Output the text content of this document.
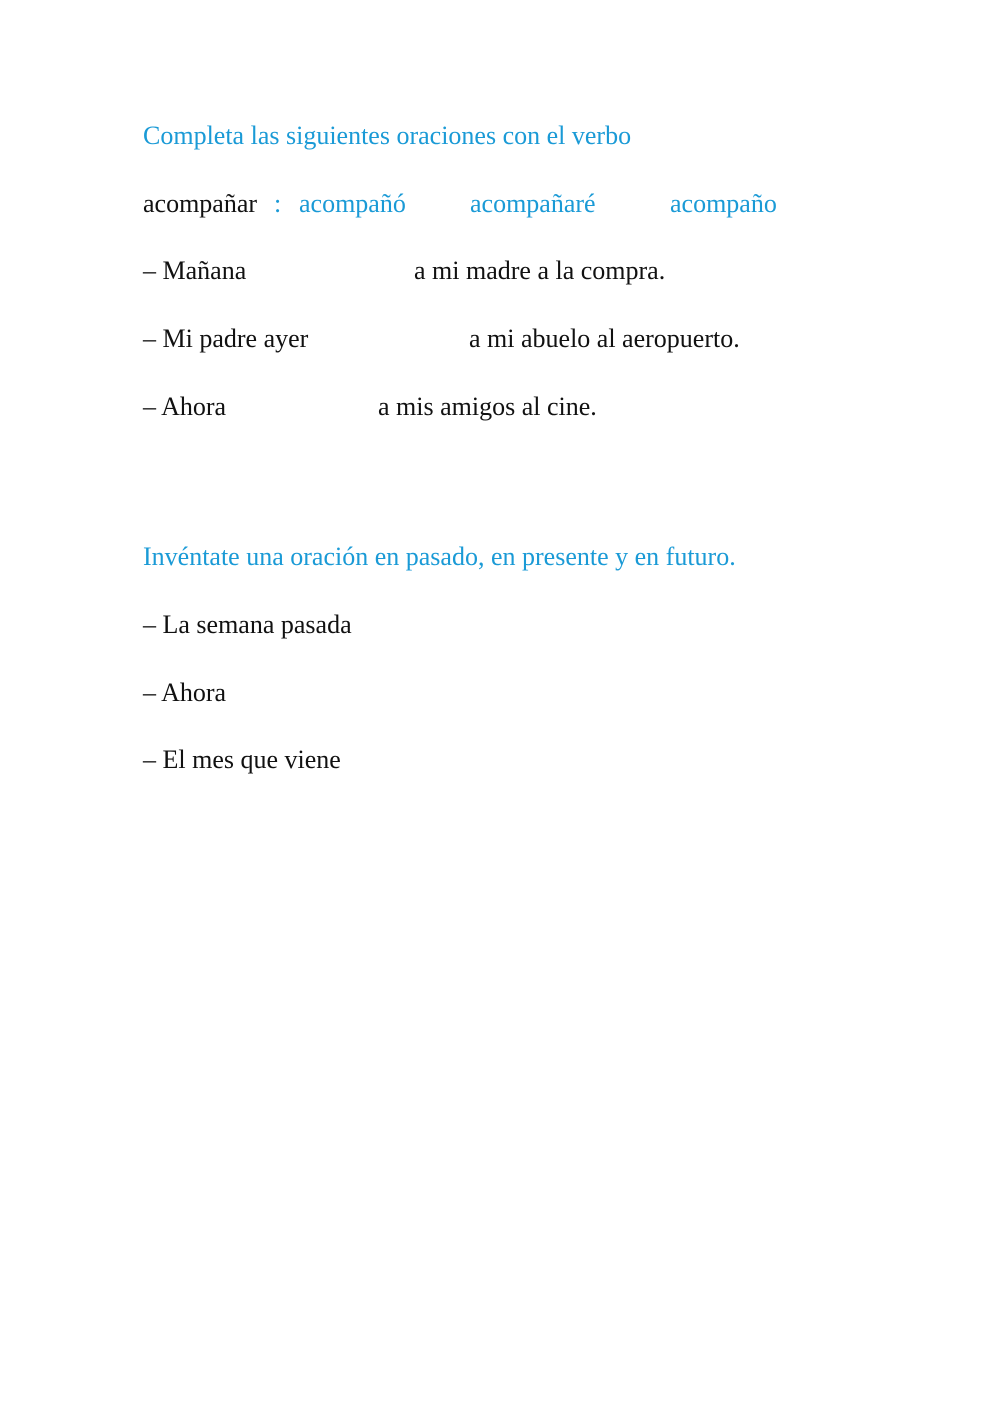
Completa las siguientes oraciones con el verbo
acompañar : acompañó acompañaré	acompaño
– Mañana	a mi madre a la compra.
– Mi padre ayer	a mi abuelo al aeropuerto.
– Ahora	a mis amigos al cine.
Invéntate una oración en pasado, en presente y en futuro.
– La semana pasada
– Ahora
– El mes que viene
